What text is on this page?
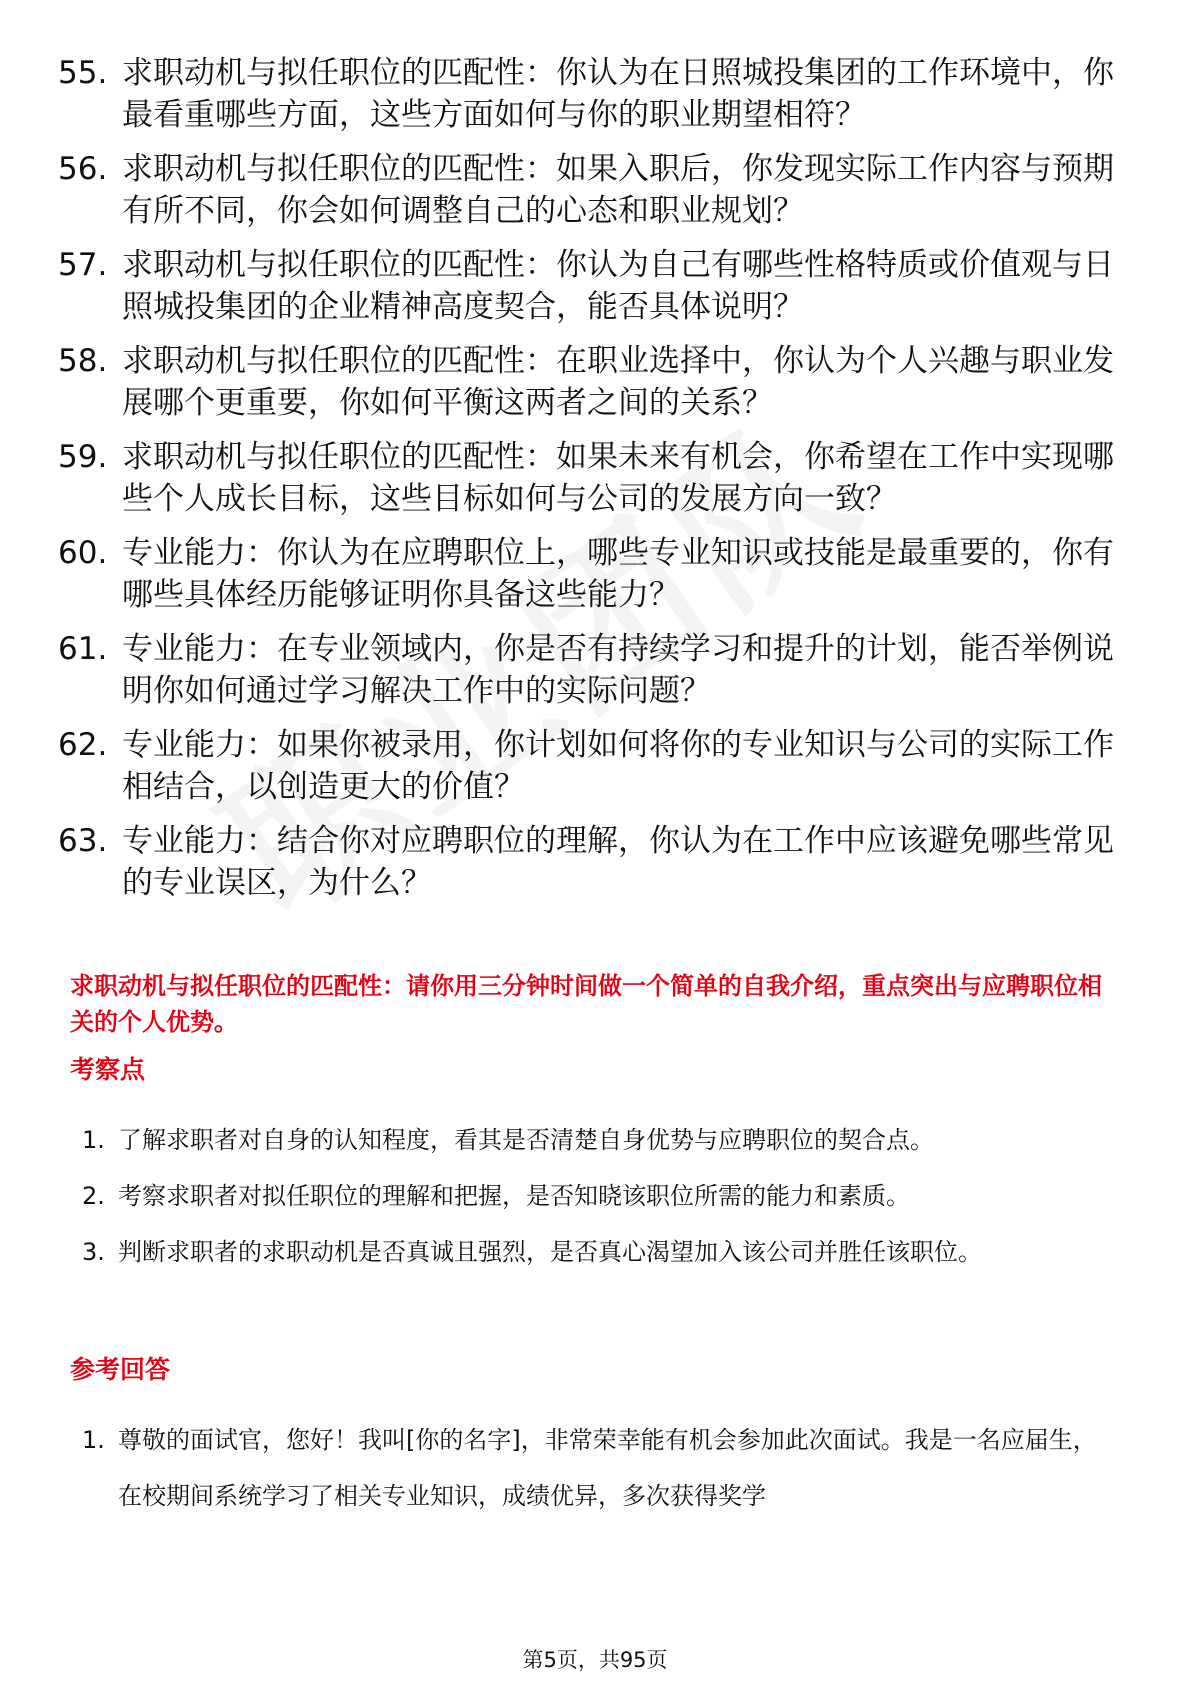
55. 求职动机与拟任职位的匹配性：你认为在日照城投集团的工作环境中，你最看重哪些方面，这些方面如何与你的职业期望相符？
56. 求职动机与拟任职位的匹配性：如果入职后，你发现实际工作内容与预期有所不同，你会如何调整自己的心态和职业规划？
57. 求职动机与拟任职位的匹配性：你认为自己有哪些性格特质或价值观与日照城投集团的企业精神高度契合，能否具体说明？
58. 求职动机与拟任职位的匹配性：在职业选择中，你认为个人兴趣与职业发展哪个更重要，你如何平衡这两者之间的关系？
59. 求职动机与拟任职位的匹配性：如果未来有机会，你希望在工作中实现哪些个人成长目标，这些目标如何与公司的发展方向一致？
60. 专业能力：你认为在应聘职位上，哪些专业知识或技能是最重要的，你有哪些具体经历能够证明你具备这些能力？
61. 专业能力：在专业领域内，你是否有持续学习和提升的计划，能否举例说明你如何通过学习解决工作中的实际问题？
62. 专业能力：如果你被录用，你计划如何将你的专业知识与公司的实际工作相结合，以创造更大的价值？
63. 专业能力：结合你对应聘职位的理解，你认为在工作中应该避免哪些常见的专业误区，为什么？
求职动机与拟任职位的匹配性：请你用三分钟时间做一个简单的自我介绍，重点突出与应聘职位相关的个人优势。
考察点
1. 了解求职者对自身的认知程度，看其是否清楚自身优势与应聘职位的契合点。
2. 考察求职者对拟任职位的理解和把握，是否知晓该职位所需的能力和素质。
3. 判断求职者的求职动机是否真诚且强烈，是否真心渴望加入该公司并胜任该职位。
参考回答
1. 尊敬的面试官，您好！我叫[你的名字]，非常荣幸能有机会参加此次面试。我是一名应届生，在校期间系统学习了相关专业知识，成绩优异，多次获得奖学
第5页，共95页
